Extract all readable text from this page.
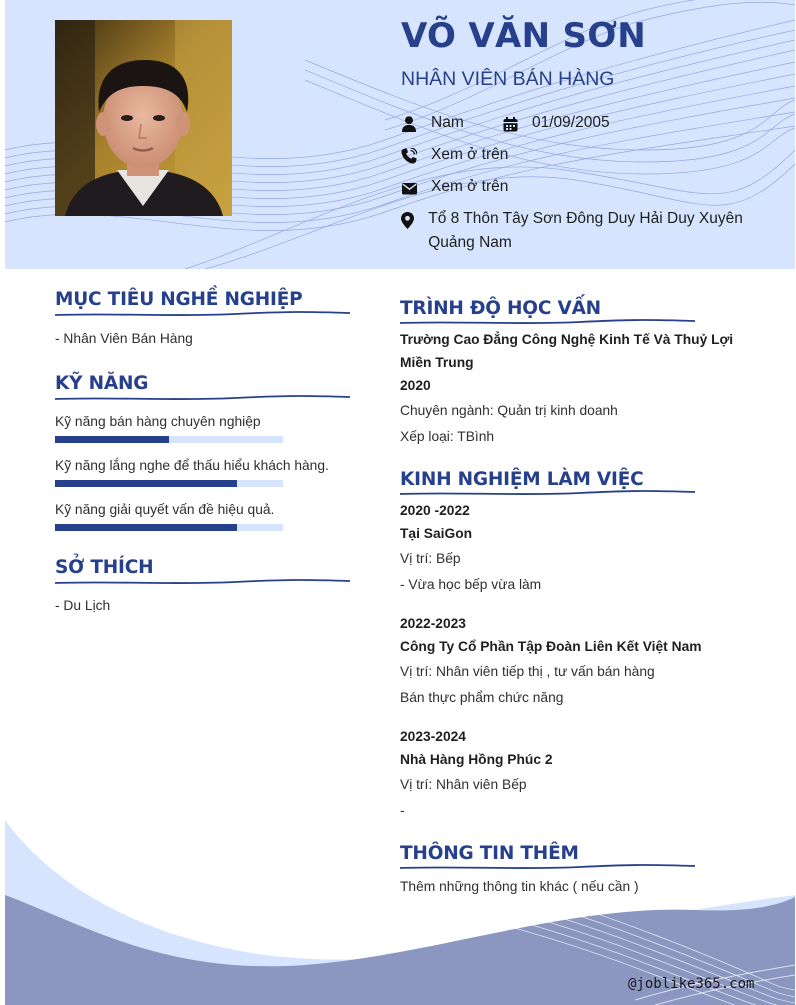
VÕ VĂN SƠN
NHÂN VIÊN BÁN HÀNG
Nam	01/09/2005
Xem ở trên
Xem ở trên
Tổ 8 Thôn Tây Sơn Đông Duy Hải Duy Xuyên Quảng Nam
MỤC TIÊU NGHỀ NGHIỆP
- Nhân Viên Bán Hàng
KỸ NĂNG
Kỹ năng bán hàng chuyên nghiệp
Kỹ năng lắng nghe để thấu hiểu khách hàng.
Kỹ năng giải quyết vấn đề hiệu quả.
SỞ THÍCH
- Du Lịch
TRÌNH ĐỘ HỌC VẤN
Trường Cao Đẳng Công Nghệ Kinh Tế Và Thuỷ Lợi
Miền Trung
2020
Chuyên ngành: Quản trị kinh doanh
Xếp loại: TBình
KINH NGHIỆM LÀM VIỆC
2020 -2022
Tại SaiGon
Vị trí: Bếp
- Vừa học bếp vừa làm
2022-2023
Công Ty Cổ Phần Tập Đoàn Liên Kết Việt Nam
Vị trí: Nhân viên tiếp thị , tư vấn bán hàng
Bán thực phẩm chức năng
2023-2024
Nhà Hàng Hồng Phúc 2
Vị trí: Nhân viên Bếp
-
THÔNG TIN THÊM
Thêm những thông tin khác ( nếu cần )
@joblike365.com
